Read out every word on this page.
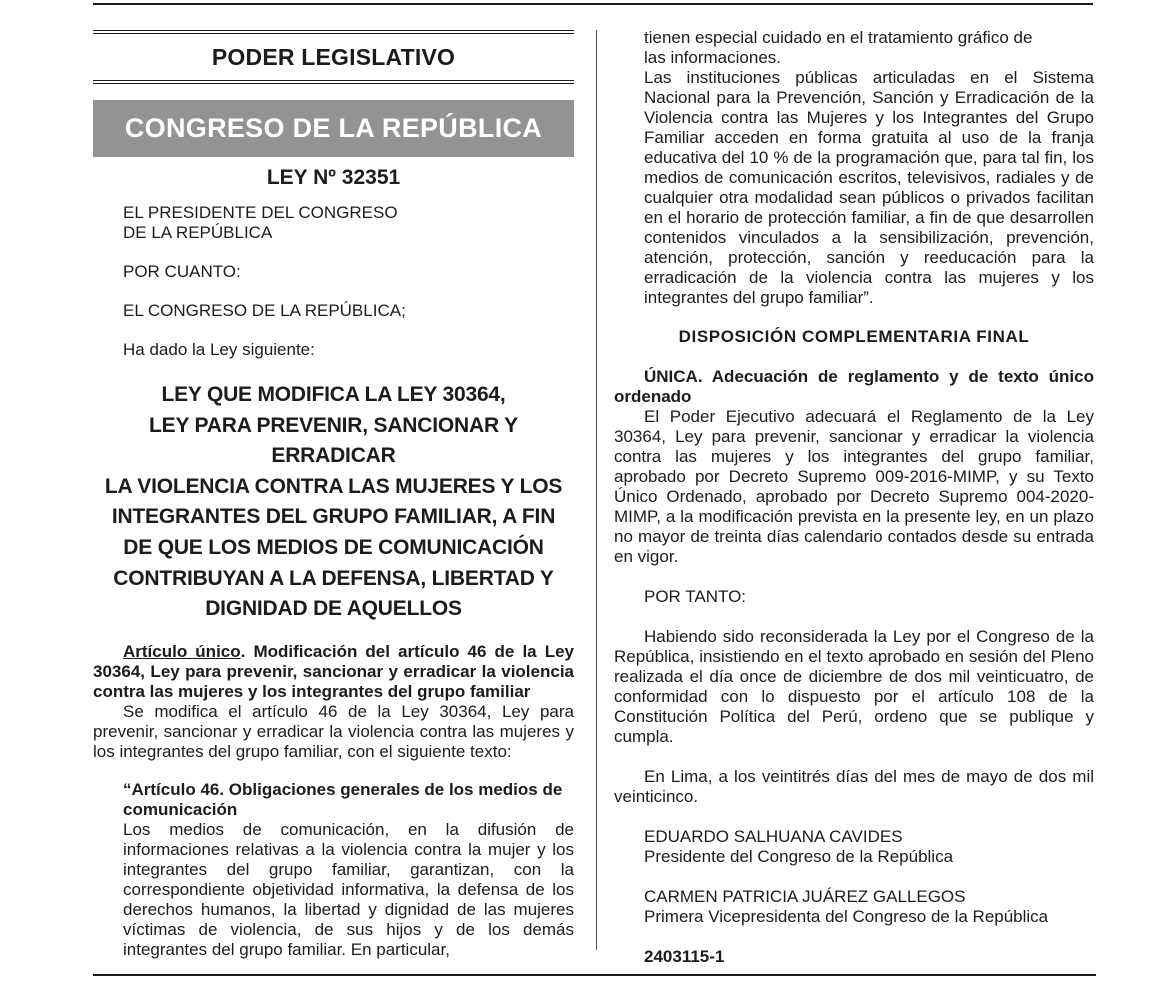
PODER LEGISLATIVO
CONGRESO DE LA REPÚBLICA
LEY Nº 32351

EL PRESIDENTE DEL CONGRESO

DE LA REPÚBLICA

POR CUANTO:

EL CONGRESO DE LA REPÚBLICA;

Ha dado la Ley siguiente:

LEY QUE MODIFICA LA LEY 30364,
LEY PARA PREVENIR, SANCIONAR Y ERRADICAR
LA VIOLENCIA CONTRA LAS MUJERES Y LOS
INTEGRANTES DEL GRUPO FAMILIAR, A FIN
DE QUE LOS MEDIOS DE COMUNICACIÓN
CONTRIBUYAN A LA DEFENSA, LIBERTAD Y
DIGNIDAD DE AQUELLOS

Artículo único. Modificación del artículo 46 de la Ley 30364, Ley para prevenir, sancionar y erradicar la violencia contra las mujeres y los integrantes del grupo familiar

Se modifica el artículo 46 de la Ley 30364, Ley para prevenir, sancionar y erradicar la violencia contra las mujeres y los integrantes del grupo familiar, con el siguiente texto:

“Artículo 46. Obligaciones generales de los medios de comunicación

Los medios de comunicación, en la difusión de informaciones relativas a la violencia contra la mujer y los integrantes del grupo familiar, garantizan, con la correspondiente objetividad informativa, la defensa de los derechos humanos, la libertad y dignidad de las mujeres víctimas de violencia, de sus hijos y de los demás integrantes del grupo familiar. En particular,

tienen especial cuidado en el tratamiento gráfico de

las informaciones.

Las instituciones públicas articuladas en el Sistema Nacional para la Prevención, Sanción y Erradicación de la Violencia contra las Mujeres y los Integrantes del Grupo Familiar acceden en forma gratuita al uso de la franja educativa del 10 % de la programación que, para tal fin, los medios de comunicación escritos, televisivos, radiales y de cualquier otra modalidad sean públicos o privados facilitan en el horario de protección familiar, a fin de que desarrollen contenidos vinculados a la sensibilización, prevención, atención, protección, sanción y reeducación para la erradicación de la violencia contra las mujeres y los integrantes del grupo familiar”.

DISPOSICIÓN COMPLEMENTARIA FINAL

ÚNICA. Adecuación de reglamento y de texto único ordenado

El Poder Ejecutivo adecuará el Reglamento de la Ley 30364, Ley para prevenir, sancionar y erradicar la violencia contra las mujeres y los integrantes del grupo familiar, aprobado por Decreto Supremo 009-2016-MIMP, y su Texto Único Ordenado, aprobado por Decreto Supremo 004-2020-MIMP, a la modificación prevista en la presente ley, en un plazo no mayor de treinta días calendario contados desde su entrada en vigor.

POR TANTO:

Habiendo sido reconsiderada la Ley por el Congreso de la República, insistiendo en el texto aprobado en sesión del Pleno realizada el día once de diciembre de dos mil veinticuatro, de conformidad con lo dispuesto por el artículo 108 de la Constitución Política del Perú, ordeno que se publique y cumpla.

En Lima, a los veintitrés días del mes de mayo de dos mil veinticinco.

EDUARDO SALHUANA CAVIDES

Presidente del Congreso de la República

CARMEN PATRICIA JUÁREZ GALLEGOS

Primera Vicepresidenta del Congreso de la República

2403115-1
